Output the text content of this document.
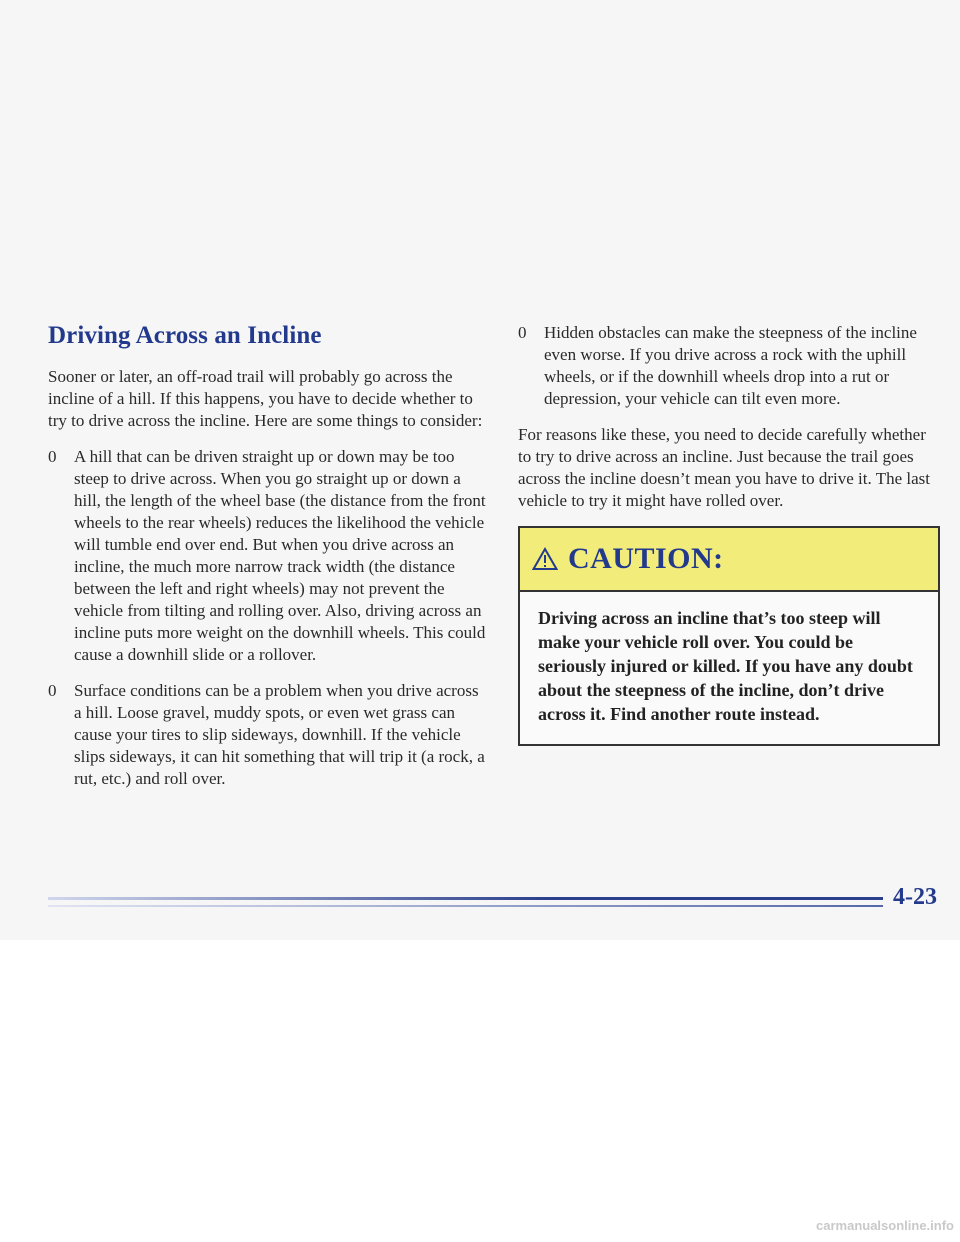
Driving Across an Incline

Sooner or later, an off-road trail will probably go across the incline of a hill. If this happens, you have to decide whether to try to drive across the incline. Here are some things to consider:

0 A hill that can be driven straight up or down may be too steep to drive across. When you go straight up or down a hill, the length of the wheel base (the distance from the front wheels to the rear wheels) reduces the likelihood the vehicle will tumble end over end. But when you drive across an incline, the much more narrow track width (the distance between the left and right wheels) may not prevent the vehicle from tilting and rolling over. Also, driving across an incline puts more weight on the downhill wheels. This could cause a downhill slide or a rollover.
0 Surface conditions can be a problem when you drive across a hill. Loose gravel, muddy spots, or even wet grass can cause your tires to slip sideways, downhill. If the vehicle slips sideways, it can hit something that will trip it (a rock, a rut, etc.) and roll over.
0 Hidden obstacles can make the steepness of the incline even worse. If you drive across a rock with the uphill wheels, or if the downhill wheels drop into a rut or depression, your vehicle can tilt even more.

For reasons like these, you need to decide carefully whether to try to drive across an incline. Just because the trail goes across the incline doesn’t mean you have to drive it. The last vehicle to try it might have rolled over.

CAUTION:
Driving across an incline that’s too steep will make your vehicle roll over. You could be seriously injured or killed. If you have any doubt about the steepness of the incline, don’t drive across it. Find another route instead.
4-23
carmanualsonline.info
